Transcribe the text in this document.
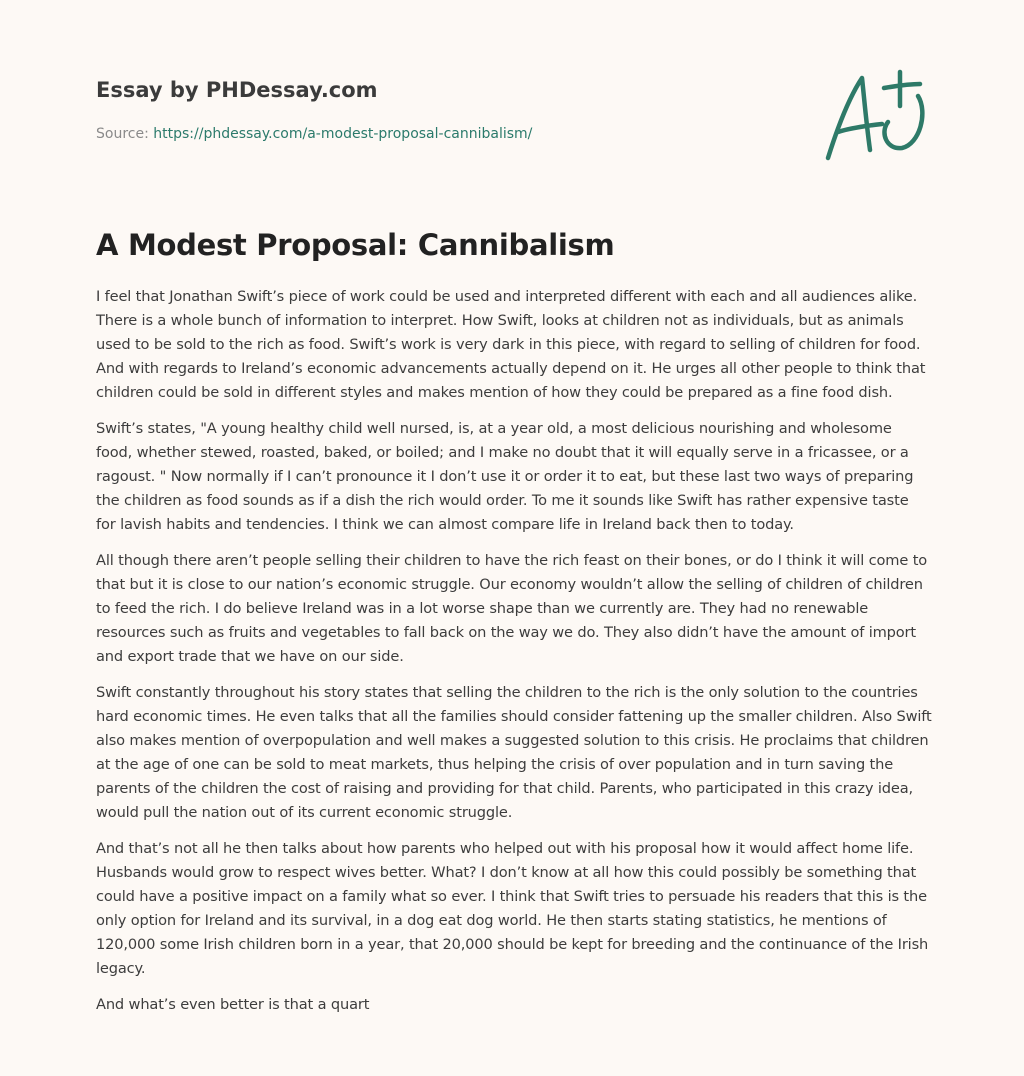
Essay by PHDessay.com
Source: https://phdessay.com/a-modest-proposal-cannibalism/
A Modest Proposal: Cannibalism

I feel that Jonathan Swift’s piece of work could be used and interpreted different with each and all audiences alike. There is a whole bunch of information to interpret. How Swift, looks at children not as individuals, but as animals used to be sold to the rich as food. Swift’s work is very dark in this piece, with regard to selling of children for food. And with regards to Ireland’s economic advancements actually depend on it. He urges all other people to think that children could be sold in different styles and makes mention of how they could be prepared as a fine food dish.

Swift’s states, "A young healthy child well nursed, is, at a year old, a most delicious nourishing and wholesome food, whether stewed, roasted, baked, or boiled; and I make no doubt that it will equally serve in a fricassee, or a ragoust. " Now normally if I can’t pronounce it I don’t use it or order it to eat, but these last two ways of preparing the children as food sounds as if a dish the rich would order. To me it sounds like Swift has rather expensive taste for lavish habits and tendencies. I think we can almost compare life in Ireland back then to today.

All though there aren’t people selling their children to have the rich feast on their bones, or do I think it will come to that but it is close to our nation’s economic struggle. Our economy wouldn’t allow the selling of children of children to feed the rich. I do believe Ireland was in a lot worse shape than we currently are. They had no renewable resources such as fruits and vegetables to fall back on the way we do. They also didn’t have the amount of import and export trade that we have on our side.

Swift constantly throughout his story states that selling the children to the rich is the only solution to the countries hard economic times. He even talks that all the families should consider fattening up the smaller children. Also Swift also makes mention of overpopulation and well makes a suggested solution to this crisis. He proclaims that children at the age of one can be sold to meat markets, thus helping the crisis of over population and in turn saving the parents of the children the cost of raising and providing for that child. Parents, who participated in this crazy idea, would pull the nation out of its current economic struggle.

And that’s not all he then talks about how parents who helped out with his proposal how it would affect home life. Husbands would grow to respect wives better. What? I don’t know at all how this could possibly be something that could have a positive impact on a family what so ever. I think that Swift tries to persuade his readers that this is the only option for Ireland and its survival, in a dog eat dog world. He then starts stating statistics, he mentions of 120,000 some Irish children born in a year, that 20,000 should be kept for breeding and the continuance of the Irish legacy.

And what’s even better is that a quart
